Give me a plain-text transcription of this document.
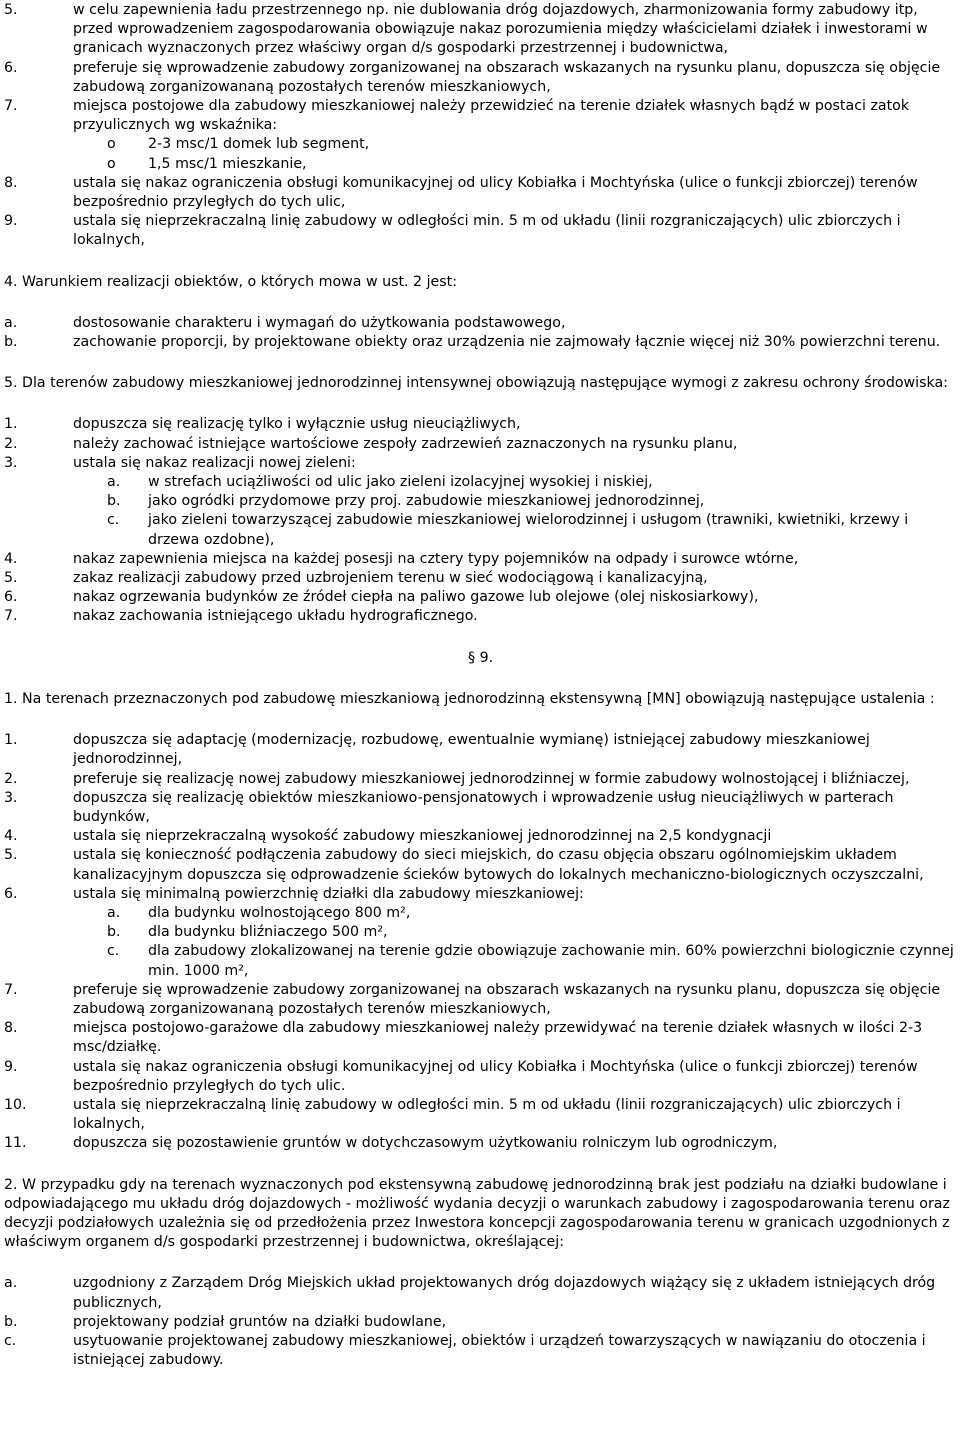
5.	w celu zapewnienia ładu przestrzennego np. nie dublowania dróg dojazdowych, zharmonizowania formy zabudowy itp, przed wprowadzeniem zagospodarowania obowiązuje nakaz porozumienia między właścicielami działek i inwestorami w granicach wyznaczonych przez właściwy organ d/s gospodarki przestrzennej i budownictwa,
6.	preferuje się wprowadzenie zabudowy zorganizowanej na obszarach wskazanych na rysunku planu, dopuszcza się objęcie zabudową zorganizowananą pozostałych terenów mieszkaniowych,
7.	miejsca postojowe dla zabudowy mieszkaniowej należy przewidzieć na terenie działek własnych bądź w postaci zatok przyulicznych wg wskaźnika:
o 2-3 msc/1 domek lub segment,
o 1,5 msc/1 mieszkanie,
8.	ustala się nakaz ograniczenia obsługi komunikacyjnej od ulicy Kobiałka i Mochtyńska (ulice o funkcji zbiorczej) terenów bezpośrednio przyległych do tych ulic,
9.	ustala się nieprzekraczalną linię zabudowy w odległości min. 5 m od układu (linii rozgraniczających) ulic zbiorczych i lokalnych,
4. Warunkiem realizacji obiektów, o których mowa w ust. 2 jest:
a.	dostosowanie charakteru i wymagań do użytkowania podstawowego,
b.	zachowanie proporcji, by projektowane obiekty oraz urządzenia nie zajmowały łącznie więcej niż 30% powierzchni terenu.
5. Dla terenów zabudowy mieszkaniowej jednorodzinnej intensywnej obowiązują następujące wymogi z zakresu ochrony środowiska:
1.	dopuszcza się realizację tylko i wyłącznie usług nieuciążliwych,
2.	należy zachować istniejące wartościowe zespoły zadrzewień zaznaczonych na rysunku planu,
3.	ustala się nakaz realizacji nowej zieleni:
a. w strefach uciążliwości od ulic jako zieleni izolacyjnej wysokiej i niskiej,
b. jako ogródki przydomowe przy proj. zabudowie mieszkaniowej jednorodzinnej,
c. jako zieleni towarzyszącej zabudowie mieszkaniowej wielorodzinnej i usługom (trawniki, kwietniki, krzewy i drzewa ozdobne),
4.	nakaz zapewnienia miejsca na każdej posesji na cztery typy pojemników na odpady i surowce wtórne,
5.	zakaz realizacji zabudowy przed uzbrojeniem terenu w sieć wodociągową i kanalizacyjną,
6.	nakaz ogrzewania budynków ze źródeł ciepła na paliwo gazowe lub olejowe (olej niskosiarkowy),
7.	nakaz zachowania istniejącego układu hydrograficznego.
§ 9.
1. Na terenach przeznaczonych pod zabudowę mieszkaniową jednorodzinną ekstensywną [MN] obowiązują następujące ustalenia :
1.	dopuszcza się adaptację (modernizację, rozbudowę, ewentualnie wymianę) istniejącej zabudowy mieszkaniowej jednorodzinnej,
2.	preferuje się realizację nowej zabudowy mieszkaniowej jednorodzinnej w formie zabudowy wolnostojącej i bliźniaczej,
3.	dopuszcza się realizację obiektów mieszkaniowo-pensjonatowych i wprowadzenie usług nieuciążliwych w parterach budynków,
4.	ustala się nieprzekraczalną wysokość zabudowy mieszkaniowej jednorodzinnej na 2,5 kondygnacji
5.	ustala się konieczność podłączenia zabudowy do sieci miejskich, do czasu objęcia obszaru ogólnomiejskim układem kanalizacyjnym dopuszcza się odprowadzenie ścieków bytowych do lokalnych mechaniczno-biologicznych oczyszczalni,
6.	ustala się minimalną powierzchnię działki dla zabudowy mieszkaniowej:
a. dla budynku wolnostojącego 800 m²,
b. dla budynku bliźniaczego 500 m²,
c. dla zabudowy zlokalizowanej na terenie gdzie obowiązuje zachowanie min. 60% powierzchni biologicznie czynnej min. 1000 m²,
7.	preferuje się wprowadzenie zabudowy zorganizowanej na obszarach wskazanych na rysunku planu, dopuszcza się objęcie zabudową zorganizowananą pozostałych terenów mieszkaniowych,
8.	miejsca postojowo-garażowe dla zabudowy mieszkaniowej należy przewidywać na terenie działek własnych w ilości 2-3 msc/działkę.
9.	ustala się nakaz ograniczenia obsługi komunikacyjnej od ulicy Kobiałka i Mochtyńska (ulice o funkcji zbiorczej) terenów bezpośrednio przyległych do tych ulic.
10.	ustala się nieprzekraczalną linię zabudowy w odległości min. 5 m od układu (linii rozgraniczających) ulic zbiorczych i lokalnych,
11.	dopuszcza się pozostawienie gruntów w dotychczasowym użytkowaniu rolniczym lub ogrodniczym,
2. W przypadku gdy na terenach wyznaczonych pod ekstensywną zabudowę jednorodzinną brak jest podziału na działki budowlane i odpowiadającego mu układu dróg dojazdowych - możliwość wydania decyzji o warunkach zabudowy i zagospodarowania terenu oraz decyzji podziałowych uzależnia się od przedłożenia przez Inwestora koncepcji zagospodarowania terenu w granicach uzgodnionych z właściwym organem d/s gospodarki przestrzennej i budownictwa, określającej:
a.	uzgodniony z Zarządem Dróg Miejskich układ projektowanych dróg dojazdowych wiążący się z układem istniejących dróg publicznych,
b.	projektowany podział gruntów na działki budowlane,
c.	usytuowanie projektowanej zabudowy mieszkaniowej, obiektów i urządzeń towarzyszących w nawiązaniu do otoczenia i istniejącej zabudowy.
